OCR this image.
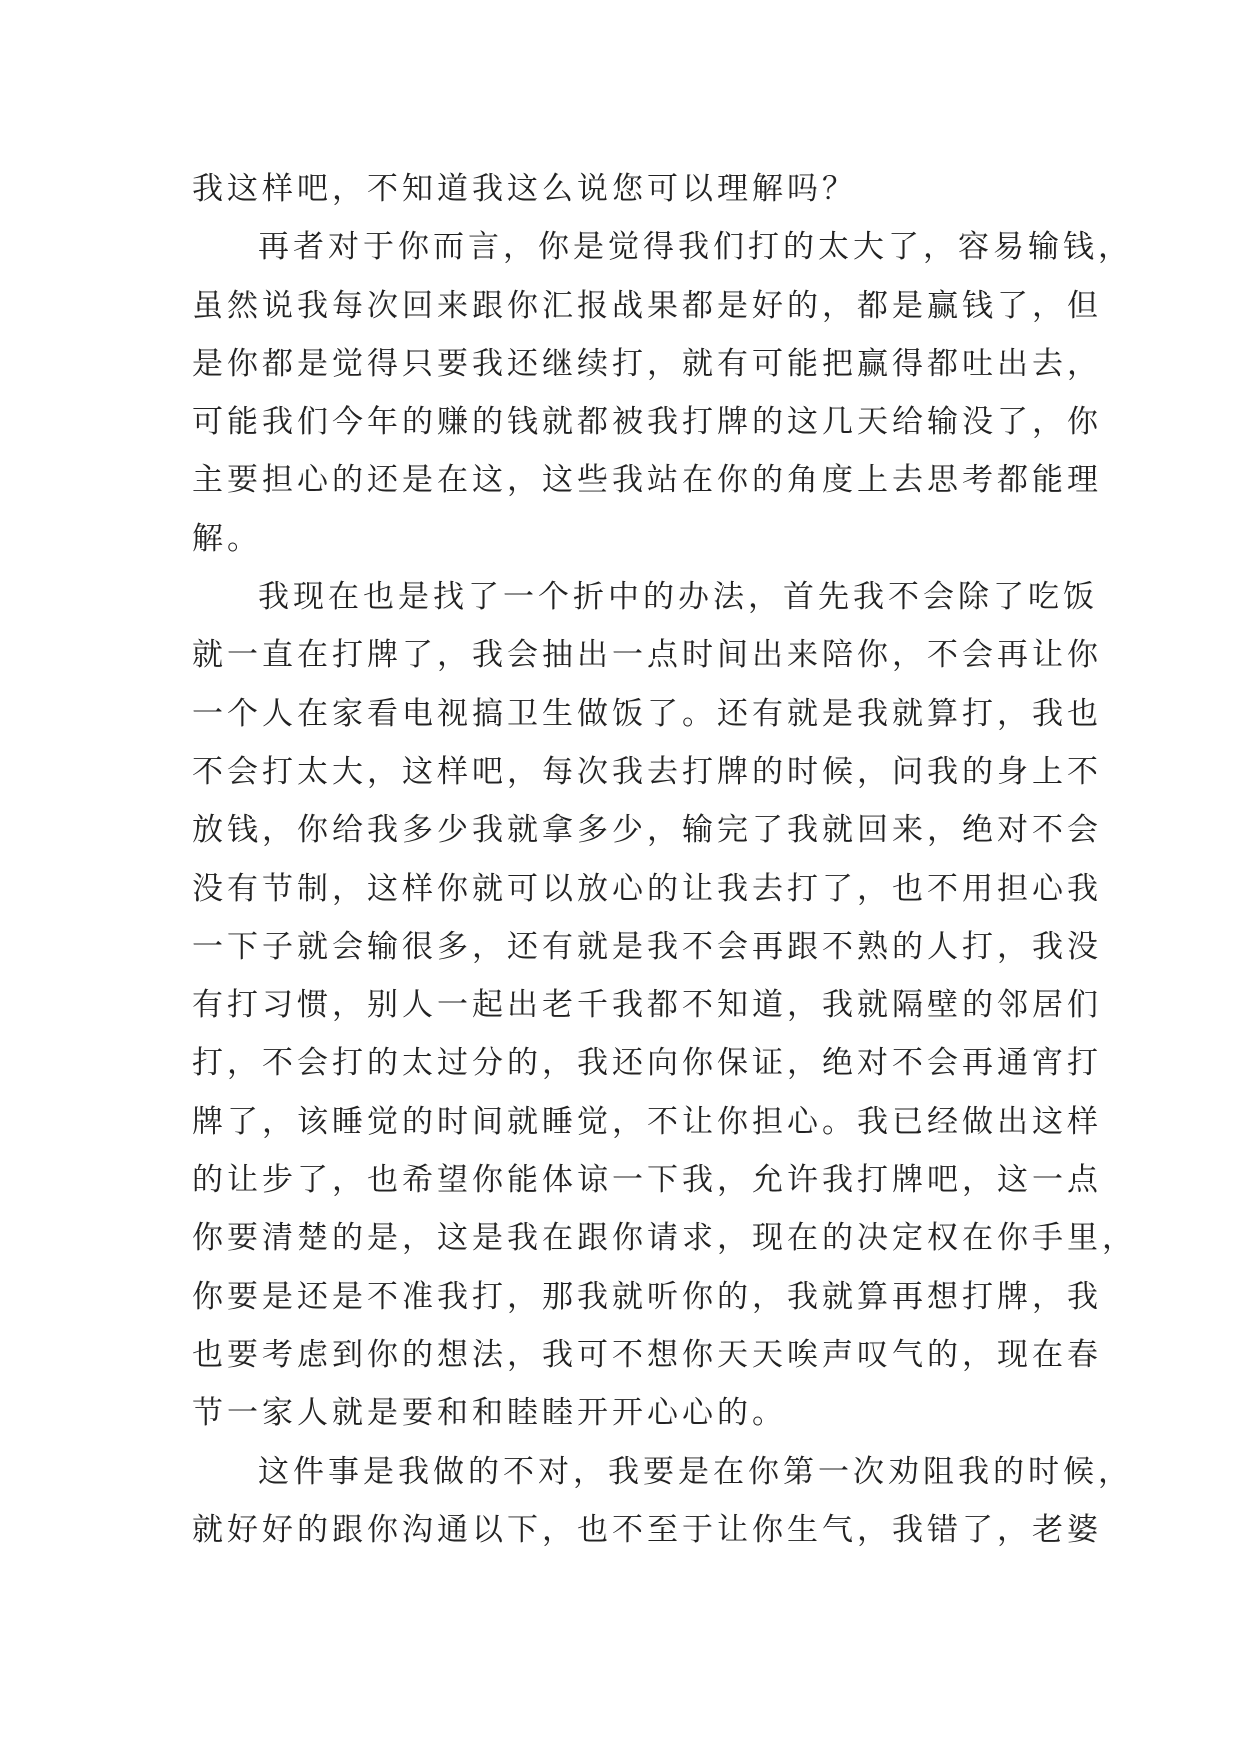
我这样吧，不知道我这么说您可以理解吗？
再者对于你而言，你是觉得我们打的太大了，容易输钱，
虽然说我每次回来跟你汇报战果都是好的，都是赢钱了，但
是你都是觉得只要我还继续打，就有可能把赢得都吐出去，
可能我们今年的赚的钱就都被我打牌的这几天给输没了，你
主要担心的还是在这，这些我站在你的角度上去思考都能理
解。
我现在也是找了一个折中的办法，首先我不会除了吃饭
就一直在打牌了，我会抽出一点时间出来陪你，不会再让你
一个人在家看电视搞卫生做饭了。还有就是我就算打，我也
不会打太大，这样吧，每次我去打牌的时候，问我的身上不
放钱，你给我多少我就拿多少，输完了我就回来，绝对不会
没有节制，这样你就可以放心的让我去打了，也不用担心我
一下子就会输很多，还有就是我不会再跟不熟的人打，我没
有打习惯，别人一起出老千我都不知道，我就隔壁的邻居们
打，不会打的太过分的，我还向你保证，绝对不会再通宵打
牌了，该睡觉的时间就睡觉，不让你担心。我已经做出这样
的让步了，也希望你能体谅一下我，允许我打牌吧，这一点
你要清楚的是，这是我在跟你请求，现在的决定权在你手里，
你要是还是不准我打，那我就听你的，我就算再想打牌，我
也要考虑到你的想法，我可不想你天天唉声叹气的，现在春
节一家人就是要和和睦睦开开心心的。
这件事是我做的不对，我要是在你第一次劝阻我的时候，
就好好的跟你沟通以下，也不至于让你生气，我错了，老婆
